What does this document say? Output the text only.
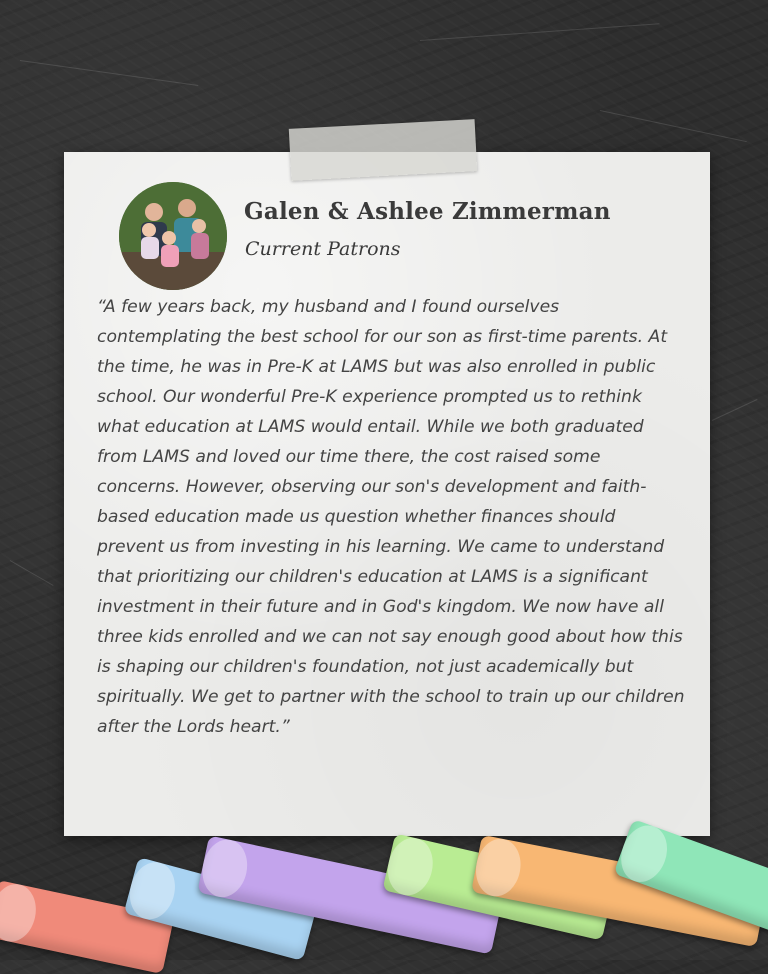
Galen & Ashlee Zimmerman
Current Patrons
“A few years back, my husband and I found ourselves contemplating the best school for our son as first-time parents. At the time, he was in Pre-K at LAMS but was also enrolled in public school. Our wonderful Pre-K experience prompted us to rethink what education at LAMS would entail. While we both graduated from LAMS and loved our time there, the cost raised some concerns. However, observing our son's development and faith-based education made us question whether finances should prevent us from investing in his learning. We came to understand that prioritizing our children's education at LAMS is a significant investment in their future and in God's kingdom. We now have all three kids enrolled and we can not say enough good about how this is shaping our children's foundation, not just academically but spiritually. We get to partner with the school to train up our children after the Lords heart.”
